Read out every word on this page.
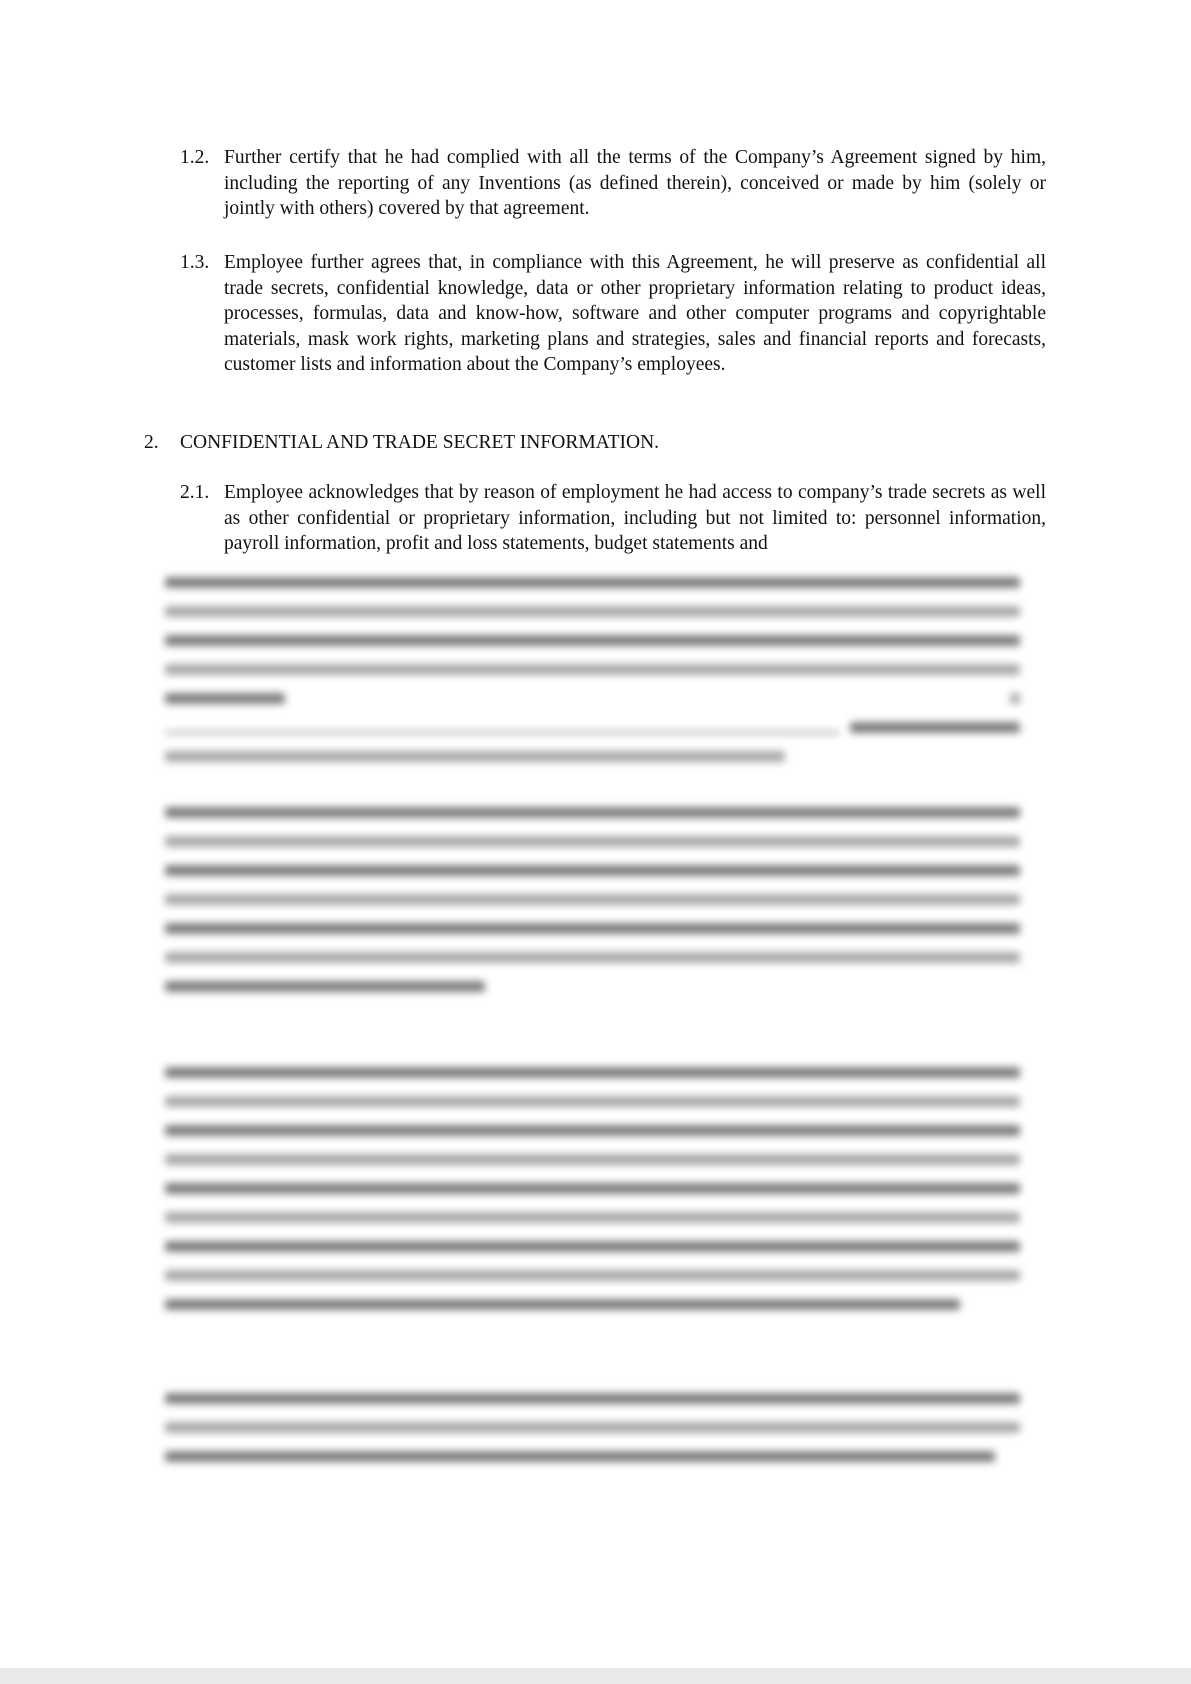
1.2. Further certify that he had complied with all the terms of the Company’s Agreement signed by him, including the reporting of any Inventions (as defined therein), conceived or made by him (solely or jointly with others) covered by that agreement.
1.3. Employee further agrees that, in compliance with this Agreement, he will preserve as confidential all trade secrets, confidential knowledge, data or other proprietary information relating to product ideas, processes, formulas, data and know-how, software and other computer programs and copyrightable materials, mask work rights, marketing plans and strategies, sales and financial reports and forecasts, customer lists and information about the Company’s employees.
2. CONFIDENTIAL AND TRADE SECRET INFORMATION.
2.1. Employee acknowledges that by reason of employment he had access to company’s trade secrets as well as other confidential or proprietary information, including but not limited to: personnel information, payroll information, profit and loss statements, budget statements and
